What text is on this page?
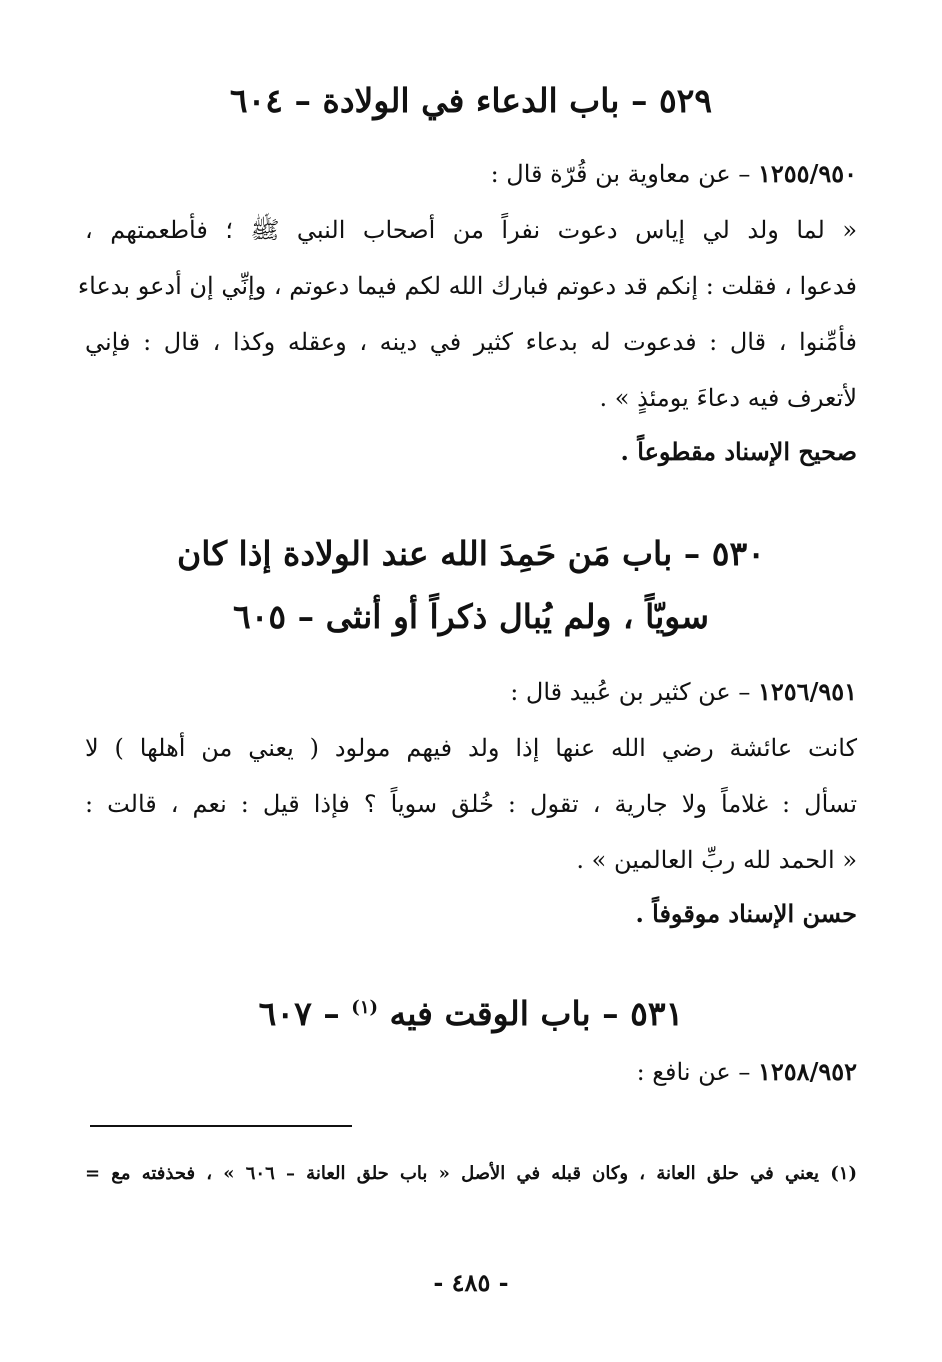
٥٢٩ – باب الدعاء في الولادة – ٦٠٤
١٢٥٥/٩٥٠ – عن معاوية بن قُرّة قال :
« لما ولد لي إياس دعوت نفراً من أصحاب النبي ﷺ ؛ فأطعمتهم ،
فدعوا ، فقلت : إنكم قد دعوتم فبارك الله لكم فيما دعوتم ، وإنِّي إن أدعو بدعاء
فأمِّنوا ، قال : فدعوت له بدعاء كثير في دينه ، وعقله وكذا ، قال : فإني
لأتعرف فيه دعاءَ يومئذٍ » .
صحيح الإسناد مقطوعاً .
٥٣٠ – باب مَن حَمِدَ الله عند الولادة إذا كان
سويّاً ، ولم يُبال ذكراً أو أنثى – ٦٠٥
١٢٥٦/٩٥١ – عن كثير بن عُبيد قال :
كانت عائشة رضي الله عنها إذا ولد فيهم مولود ( يعني من أهلها ) لا
تسأل : غلاماً ولا جارية ، تقول : خُلق سوياً ؟ فإذا قيل : نعم ، قالت :
« الحمد لله ربِّ العالمين » .
حسن الإسناد موقوفاً .
٥٣١ – باب الوقت فيه $^{(١)}$ – ٦٠٧
١٢٥٨/٩٥٢ – عن نافع :
(١) يعني في حلق العانة ، وكان قبله في الأصل « باب حلق العانة – ٦٠٦ » ، فحذفته مع =
- ٤٨٥ -
